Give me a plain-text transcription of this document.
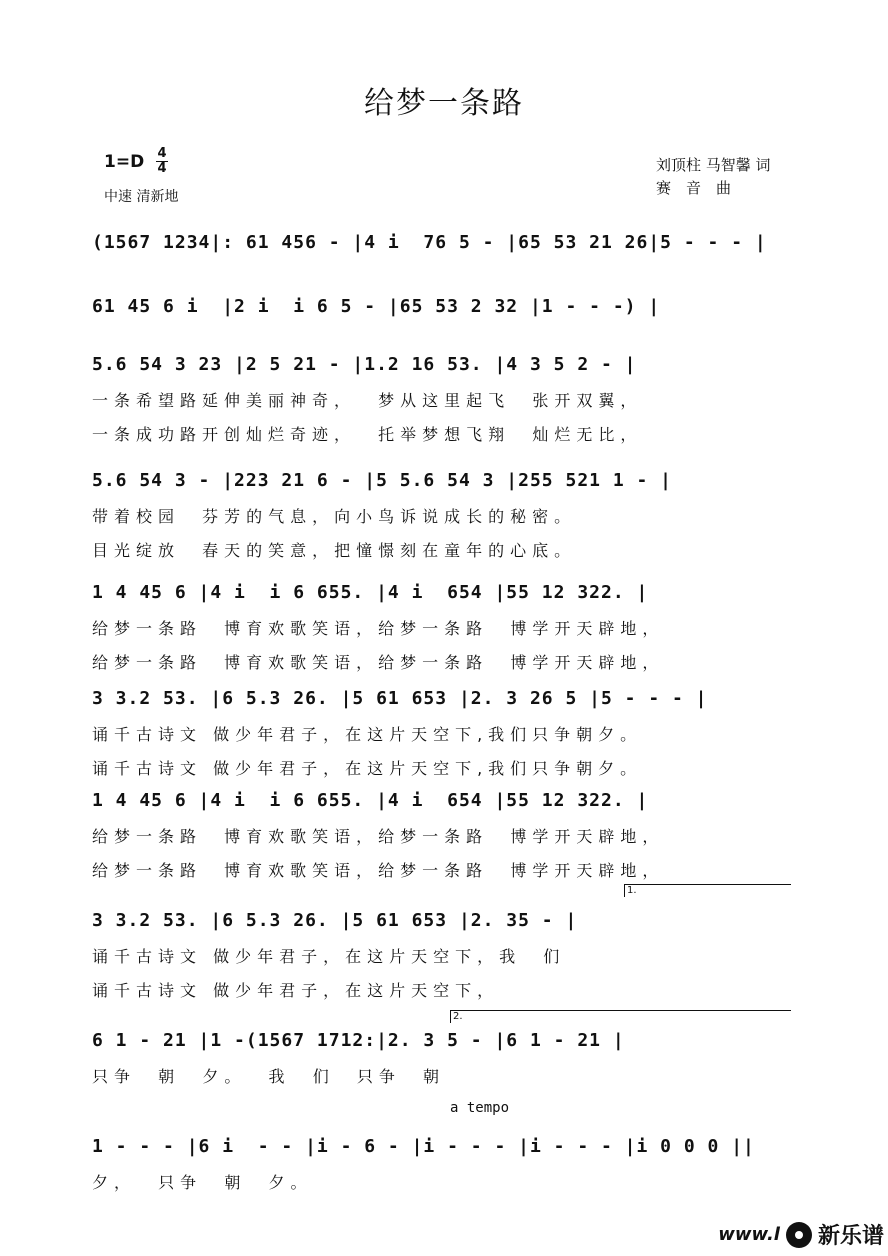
给梦一条路
1=D 4
4
中速 清新地
刘顶柱 马智馨 词
赛　音　曲
(1567 1234|: 61 456 - |4 i  76 5 - |65 53 21 26|5 - - - |
61 45 6 i  |2 i  i 6 5 - |65 53 2 32 |1 - - -) |
5.6 54 3 23 |2 5 21 - |1.2 16 53. |4 3 5 2 - |
一条希望路延伸美丽神奇，  梦从这里起飞  张开双翼，
一条成功路开创灿烂奇迹，  托举梦想飞翔  灿烂无比，
5.6 54 3 - |223 21 6 - |5 5.6 54 3 |255 521 1 - |
带着校园  芬芳的气息，向小鸟诉说成长的秘密。
目光绽放  春天的笑意，把憧憬刻在童年的心底。
1 4 45 6 |4 i  i 6 655. |4 i  654 |55 12 322. |
给梦一条路  博育欢歌笑语，给梦一条路  博学开天辟地，
给梦一条路  博育欢歌笑语，给梦一条路  博学开天辟地，
3 3.2 53. |6 5.3 26. |5 61 653 |2. 3 26 5 |5 - - - |
诵千古诗文 做少年君子，在这片天空下,我们只争朝夕。
诵千古诗文 做少年君子，在这片天空下,我们只争朝夕。
1 4 45 6 |4 i  i 6 655. |4 i  654 |55 12 322. |
给梦一条路  博育欢歌笑语，给梦一条路  博学开天辟地，
给梦一条路  博育欢歌笑语，给梦一条路  博学开天辟地，
3 3.2 53. |6 5.3 26. |5 61 653 |2. 35 - |
诵千古诗文 做少年君子，在这片天空下，我  们
诵千古诗文 做少年君子，在这片天空下，
6 1 - 21 |1 -(1567 1712:|2. 3 5 - |6 1 - 21 |
只争  朝  夕。  我  们  只争  朝
1 - - - |6 i  - - |i - 6 - |i - - - |i - - - |i 0 0 0 ||
夕，  只争  朝  夕。
1.
2.
a tempo
www.l 新乐谱
